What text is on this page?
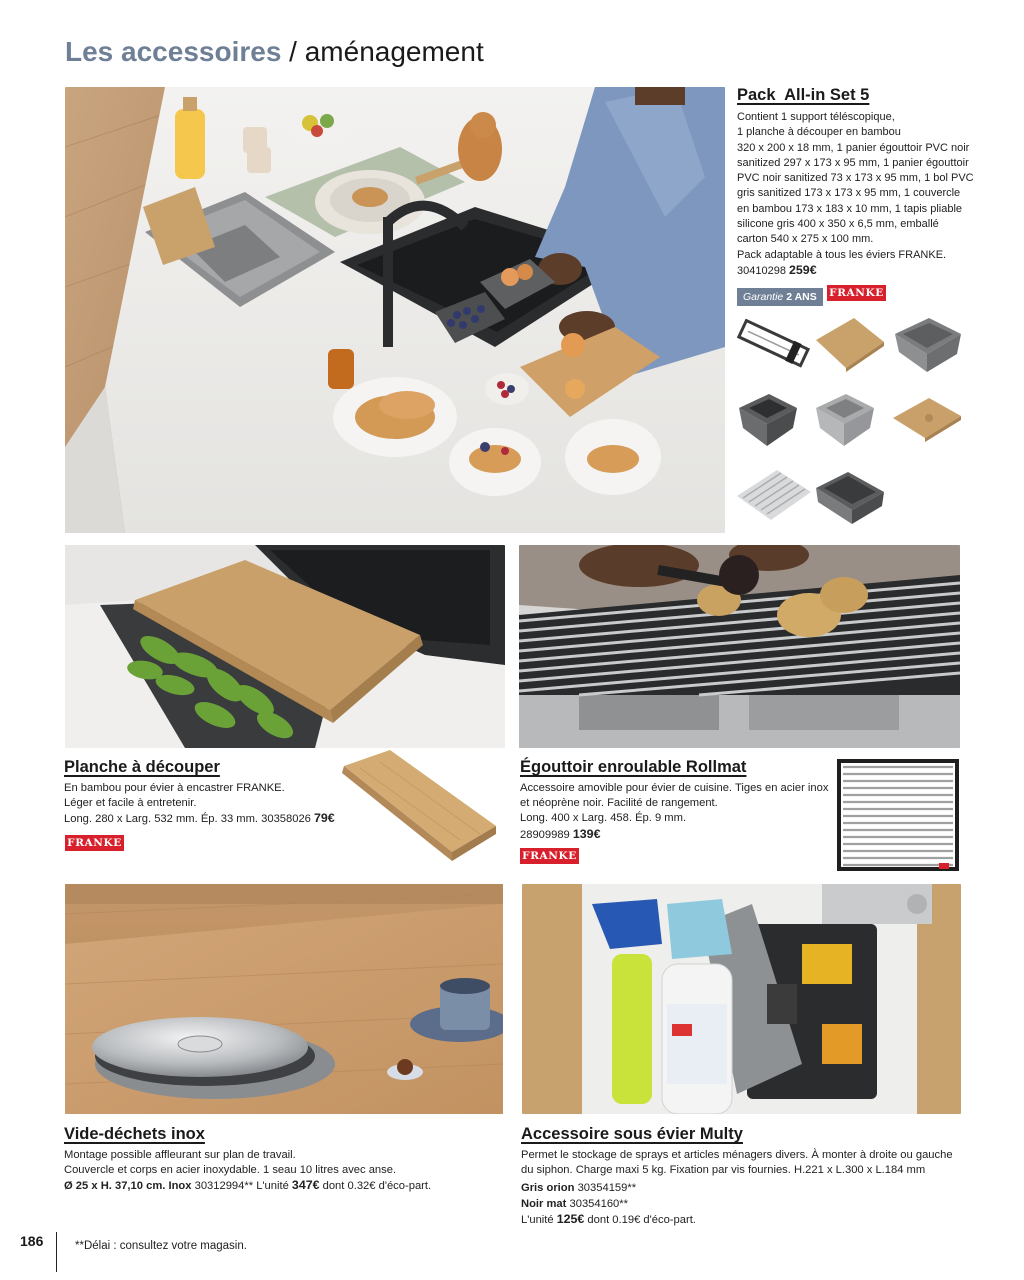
Les accessoires / aménagement
Pack  All-in Set 5

Contient 1 support téléscopique,

1 planche à découper en bambou

320 x 200 x 18 mm, 1 panier égouttoir PVC noir

sanitized 297 x 173 x 95 mm, 1 panier égouttoir

PVC noir sanitized 73 x 173 x 95 mm, 1 bol PVC

gris sanitized 173 x 173 x 95 mm, 1 couvercle

en bambou 173 x 183 x 10 mm, 1 tapis pliable

silicone gris 400 x 350 x 6,5 mm, emballé

carton 540 x 275 x 100 mm.

Pack adaptable à tous les éviers FRANKE.

30410298 259€

Garantie 2 ANS	FRANKE
Planche à découper

En bambou pour évier à encastrer FRANKE.

Léger et facile à entretenir.

Long. 280 x Larg. 532 mm. Ép. 33 mm. 30358026 79€

FRANKE
Égouttoir enroulable Rollmat

Accessoire amovible pour évier de cuisine. Tiges en acier inox

et néoprène noir. Facilité de rangement.

Long. 400 x Larg. 458. Ép. 9 mm.

28909989 139€

FRANKE
Vide-déchets inox

Montage possible affleurant sur plan de travail.

Couvercle et corps en acier inoxydable. 1 seau 10 litres avec anse.

Ø 25 x H. 37,10 cm. Inox 30312994** L'unité 347€ dont 0.32€ d'éco-part.

Accessoire sous évier Multy

Permet le stockage de sprays et articles ménagers divers. À monter à droite ou gauche

du siphon. Charge maxi 5 kg. Fixation par vis fournies. H.221 x L.300 x L.184 mm

Gris orion 30354159**

Noir mat 30354160**

L'unité 125€ dont 0.19€ d'éco-part.

186	**Délai : consultez votre magasin.
